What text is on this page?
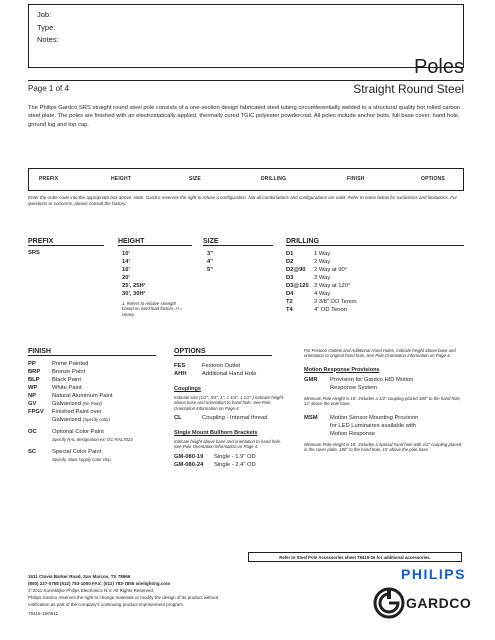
Job:
Type:
Notes:
Poles
Page 1 of 4	Straight Round Steel
The Philips Gardco SRS straight round steel pole consists of a one-section design fabricated steel tubing circumferentially welded to a structural quality hot rolled carbon steel plate. The poles are finished with an electrostatically applied, thermally cured TGIC polyester powdercoat. All poles include anchor bolts, full base cover, hand hole, ground lug and top cap.
PREFIX	HEIGHT	SIZE	DRILLING	FINISH	OPTIONS
Enter the order code into the appropriate box above. Note: Gardco reserves the right to refuse a configuration. Not all combinations and configurations are valid. Refer to notes below for exclusions and limitations. For questions or concerns, please consult the factory.
PREFIX
SRS
HEIGHT
10'
14'
16'
20'
25', 25H¹
30', 30H¹
1. Refers to relative strength based on wind load factors. H = Heavy.
SIZE
3"
4"
5"
DRILLING
D1	1 Way
D2	2 Way
D2@90 2 Way at 90°
D3	3 Way
D3@120 3 Way at 120°
D4	4 Way
T2	2 3/8" OD Tenon
T4	4" OD Tenon
FINISH
PP	Prime Painted
BRP Bronze Paint
BLP Black Paint
WP	White Paint
NP	Natural Aluminum Paint
GV	Galvanized (No Paint)
FPGV	Finished Paint over Galvanized (Specify color)
OC	Optional Color Paint
Specify RAL designation ex: OC-RAL7024
SC	Special Color Paint
Specify. Must supply color chip.
OPTIONS
FES	Festoon Outlet
AHH	Additional Hand Hole
Couplings
Indicate size (1/2", 3/4", 1", 1 1/4", 1 1/2".) Indicate height above base and orientation to hand hole. See Pole Orientation Information on Page 4.
CL	Coupling - Internal thread
Single Mount Bullhorn Brackets
Indicate height above base and orientation to hand hole. See Pole Orientation Information on Page 4.
GM-080-19 Single - 1.9" OD
GM-080-24 Single - 2.4" OD
For Festoon Outlets and Additional Hand Holes, indicate height above base and orientation to original hand hole. See Pole Orientation Information on Page 4.
Motion Response Provisions
GMR	Provision for Gardco HID Motion Response System
Minimum Pole Height is 16'. Includes a 1/2" coupling placed 180° to the hand hole, 12' above the pole base.
MSM	Motion Sensor Mounting Provision for LED Luminaires available with Motion Response
Minimum Pole Height is 18'. Includes a special hand hole with 1/2" coupling placed in the cover plate, 180° to the hand hole, 15' above the pole base.
Refer to Steel Pole Accessories sheet 79415-26 for additional accessories.
1611 Clovis Barker Road, San Marcos, TX 78666
(800) 227-0758 (512) 753-1000 FAX: (512) 753-7855 sitelighting.com
© 2011 Koninklijke Philips Electronics N.V. All Rights Reserved.
Philips Gardco reserves the right to change materials or modify the design of its product without
notification as part of the company's continuing product improvement program.
79415-19/0611
PHILIPS
GARDCO
